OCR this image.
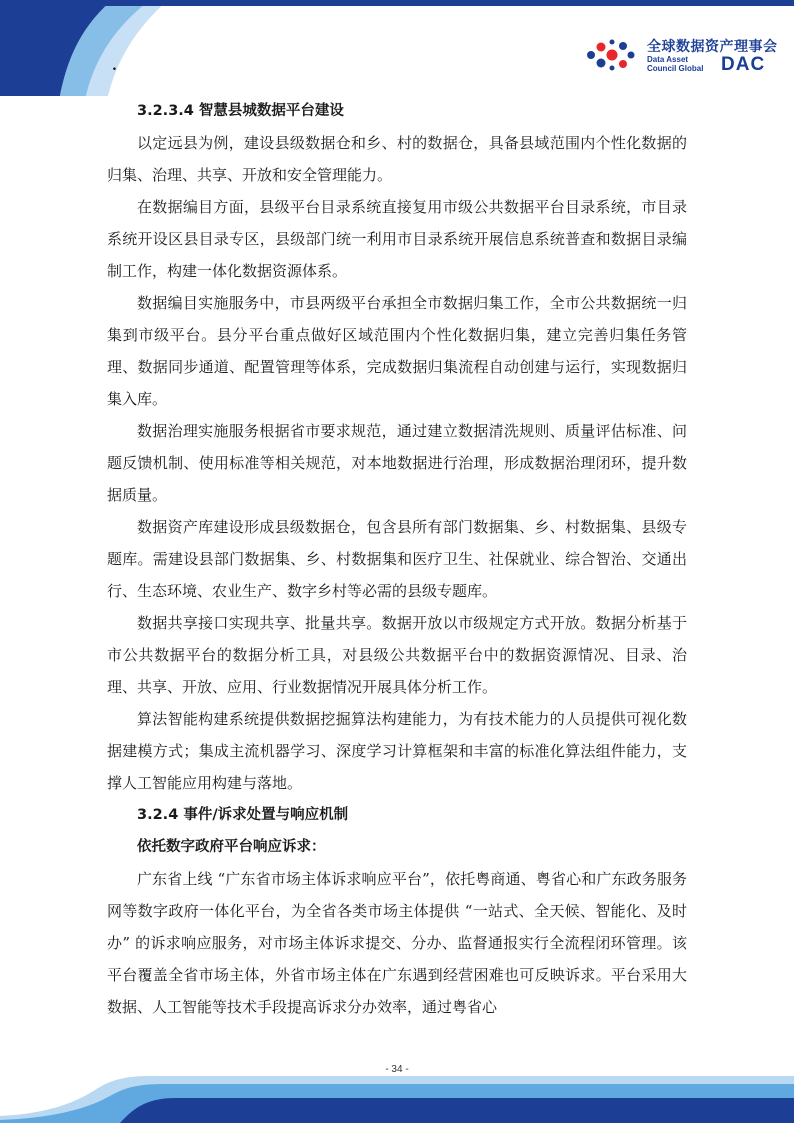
.
全球数据资产理事会
Data Asset
Council Global DAC
3.2.3.4 智慧县城数据平台建设

以定远县为例，建设县级数据仓和乡、村的数据仓，具备县域范围内个性化数据的归集、治理、共享、开放和安全管理能力。

在数据编目方面，县级平台目录系统直接复用市级公共数据平台目录系统，市目录系统开设区县目录专区，县级部门统一利用市目录系统开展信息系统普查和数据目录编制工作，构建一体化数据资源体系。

数据编目实施服务中，市县两级平台承担全市数据归集工作，全市公共数据统一归集到市级平台。县分平台重点做好区域范围内个性化数据归集，建立完善归集任务管理、数据同步通道、配置管理等体系，完成数据归集流程自动创建与运行，实现数据归集入库。

数据治理实施服务根据省市要求规范，通过建立数据清洗规则、质量评估标准、问题反馈机制、使用标准等相关规范，对本地数据进行治理，形成数据治理闭环，提升数据质量。

数据资产库建设形成县级数据仓，包含县所有部门数据集、乡、村数据集、县级专题库。需建设县部门数据集、乡、村数据集和医疗卫生、社保就业、综合智治、交通出行、生态环境、农业生产、数字乡村等必需的县级专题库。

数据共享接口实现共享、批量共享。数据开放以市级规定方式开放。数据分析基于市公共数据平台的数据分析工具，对县级公共数据平台中的数据资源情况、目录、治理、共享、开放、应用、行业数据情况开展具体分析工作。

算法智能构建系统提供数据挖掘算法构建能力，为有技术能力的人员提供可视化数据建模方式；集成主流机器学习、深度学习计算框架和丰富的标准化算法组件能力，支撑人工智能应用构建与落地。

3.2.4 事件/诉求处置与响应机制
依托数字政府平台响应诉求：

广东省上线 “广东省市场主体诉求响应平台”，依托粤商通、粤省心和广东政务服务网等数字政府一体化平台，为全省各类市场主体提供 “一站式、全天候、智能化、及时办” 的诉求响应服务，对市场主体诉求提交、分办、监督通报实行全流程闭环管理。该平台覆盖全省市场主体，外省市场主体在广东遇到经营困难也可反映诉求。平台采用大数据、人工智能等技术手段提高诉求分办效率，通过粤省心

- 34 -
